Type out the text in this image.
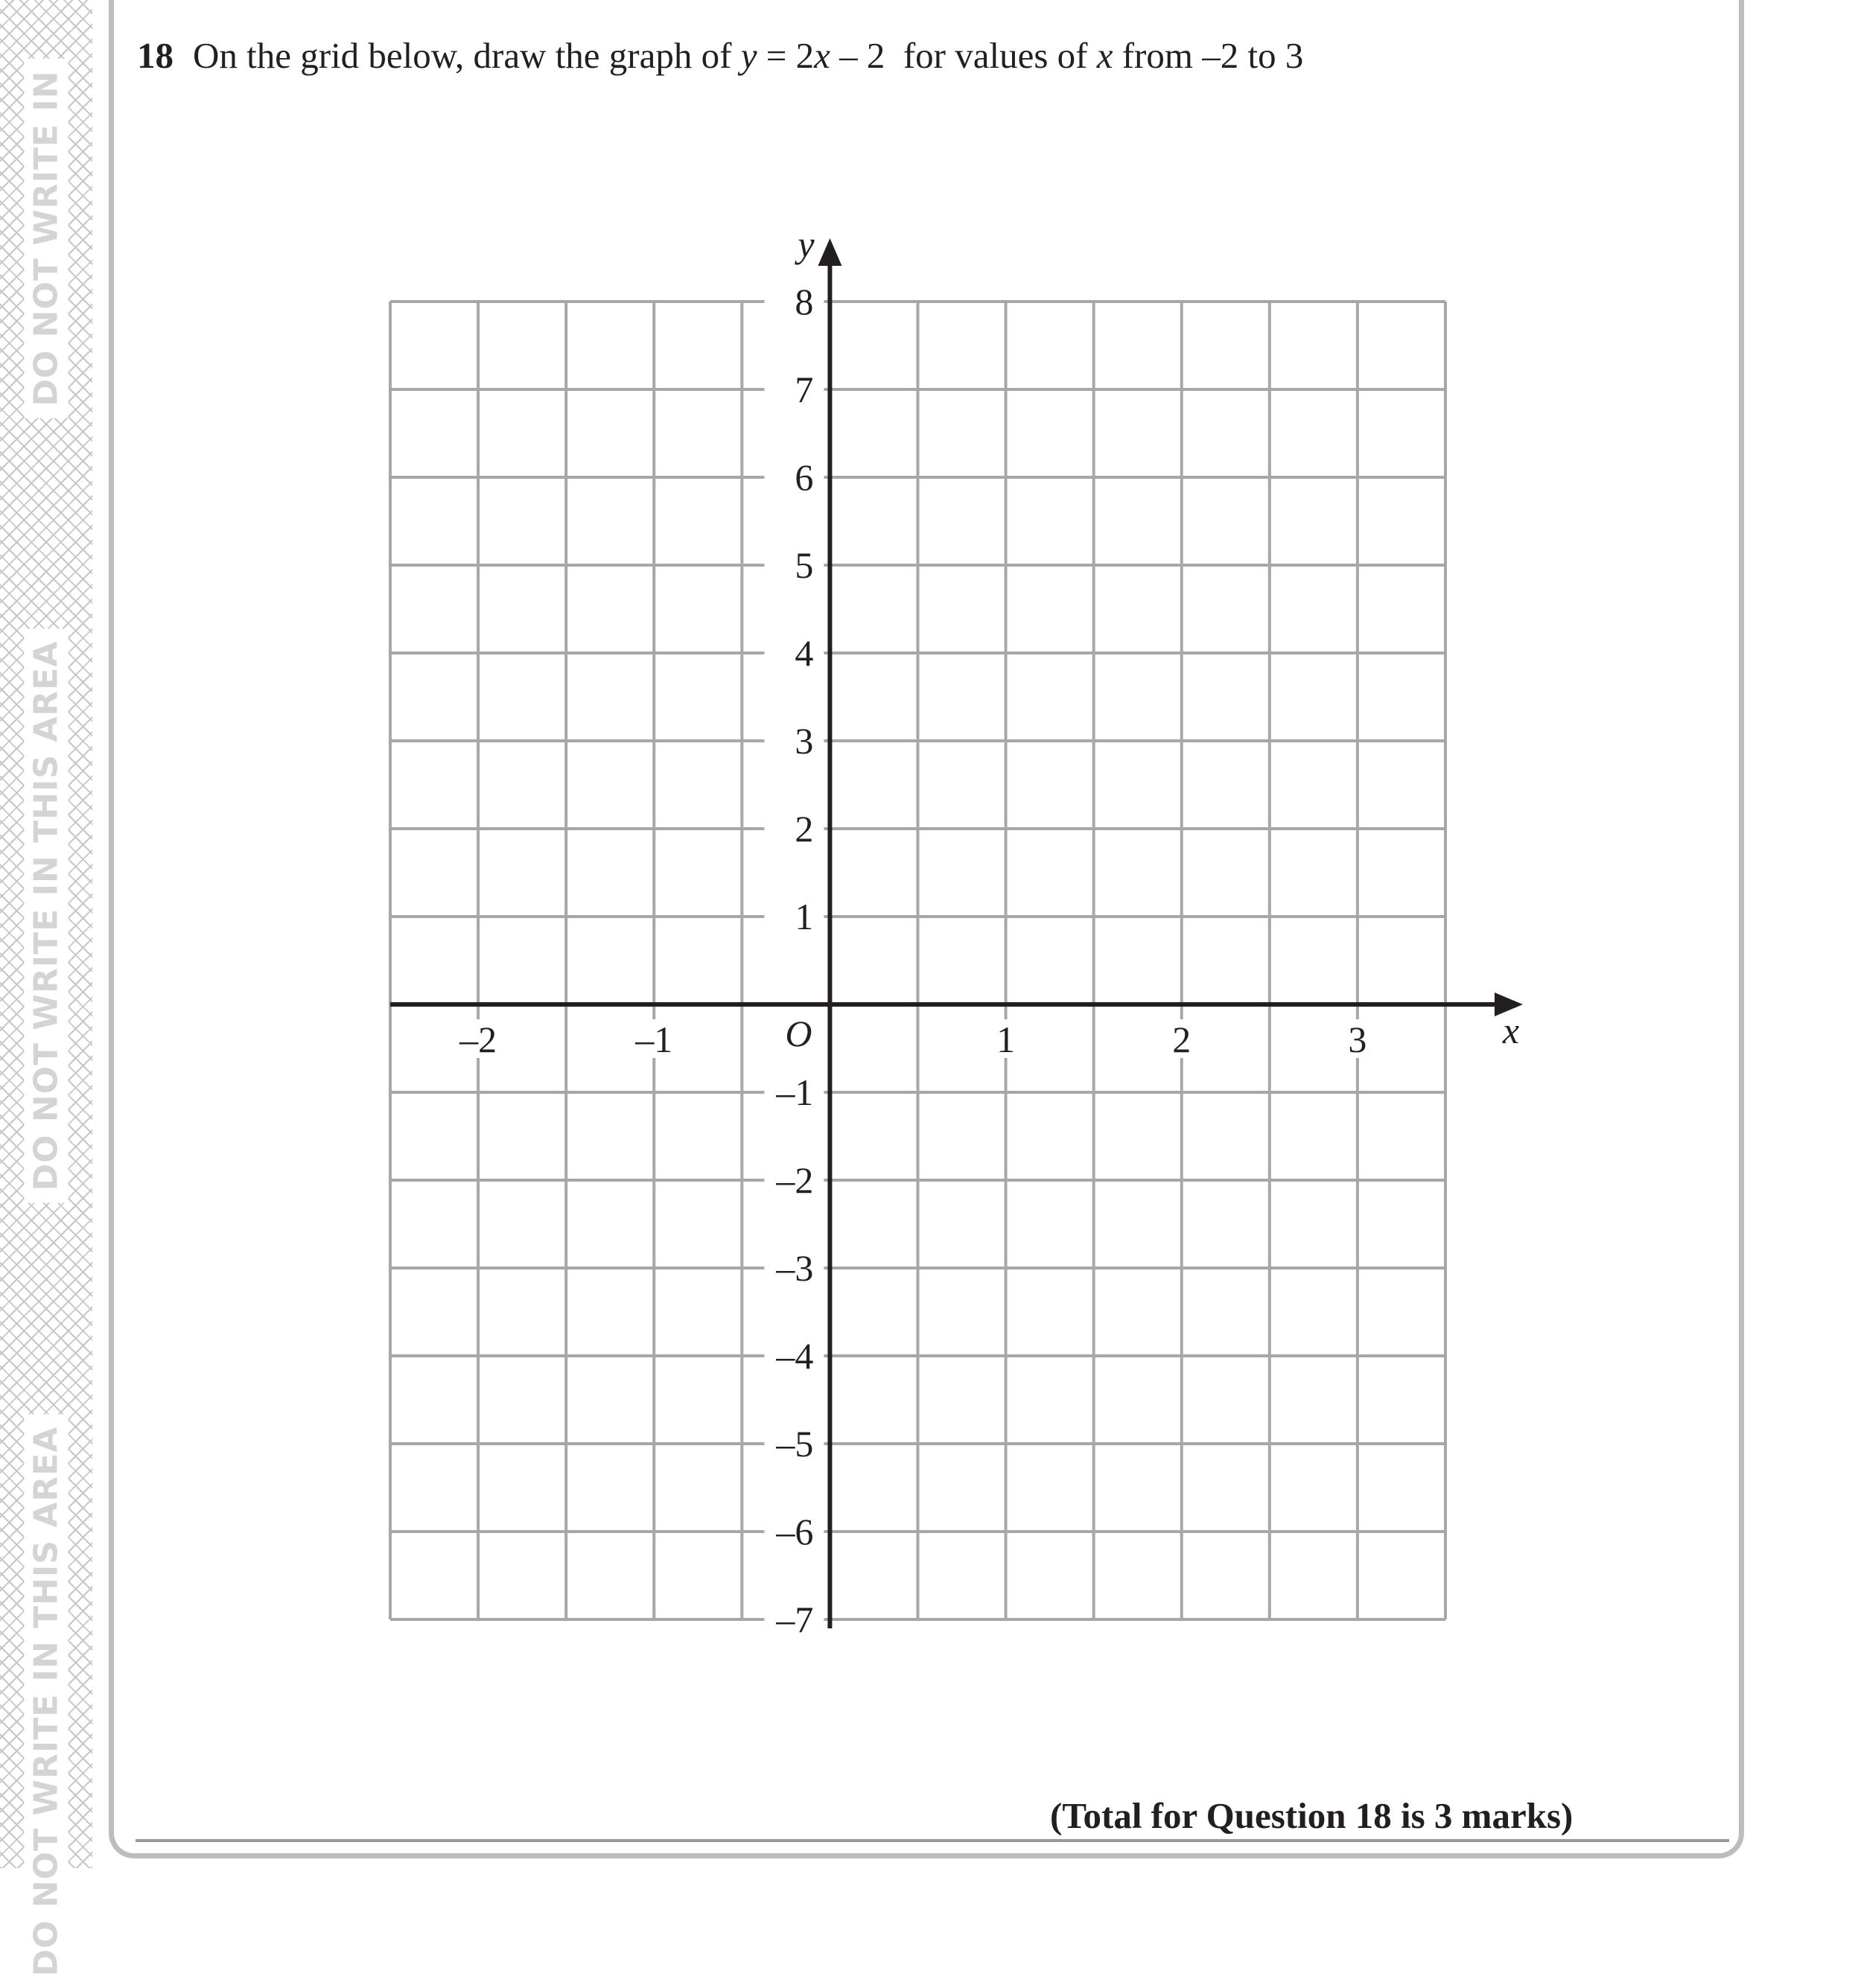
DO NOT WRITE IN
DO NOT WRITE IN THIS AREA
DO NOT WRITE IN THIS AREA
18 On the grid below, draw the graph of y = 2x – 2  for values of x from –2 to 3
–2	–1	1	2	3
8
7
6
5
4
3
2
1
–1
–2
–3
–4
–5
–6
–7
O	x
y
(Total for Question 18 is 3 marks)
